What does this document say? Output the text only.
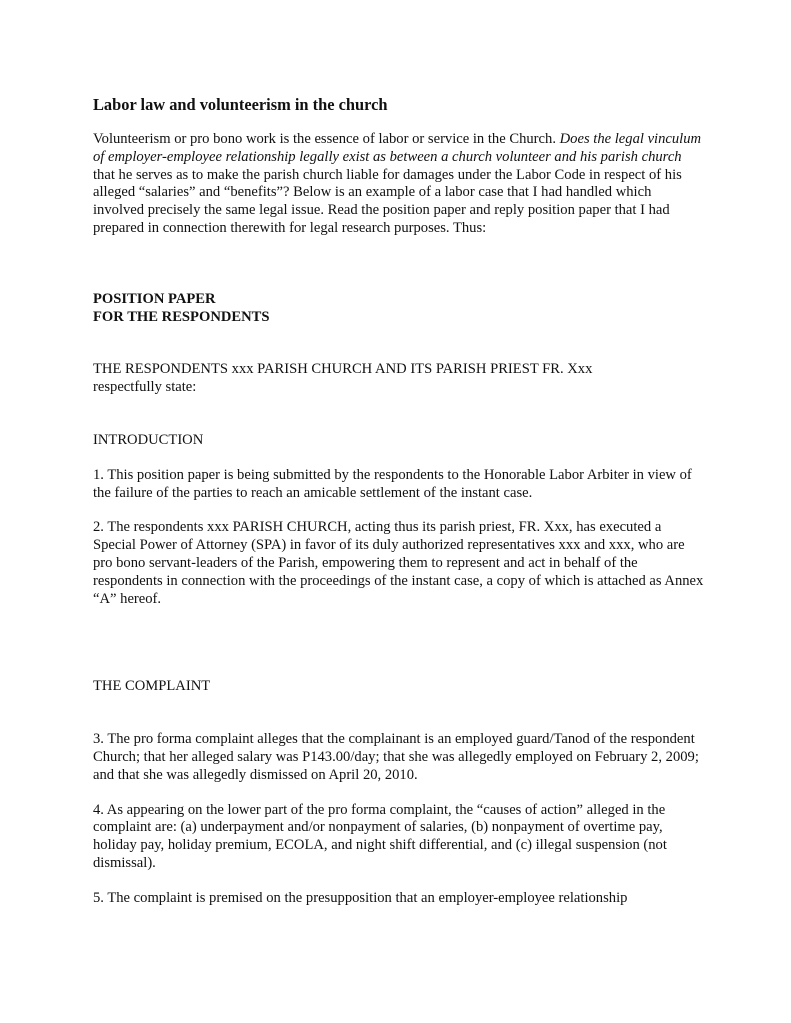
Labor law and volunteerism in the church

Volunteerism or pro bono work is the essence of labor or service in the Church. Does the legal vinculum of employer-employee relationship legally exist as between a church volunteer and his parish church that he serves as to make the parish church liable for damages under the Labor Code in respect of his alleged “salaries” and “benefits”? Below is an example of a labor case that I had handled which involved precisely the same legal issue. Read the position paper and reply position paper that I had prepared in connection therewith for legal research purposes. Thus:

POSITION PAPER
FOR THE RESPONDENTS

THE RESPONDENTS xxx PARISH CHURCH AND ITS PARISH PRIEST FR. Xxx
respectfully state:

INTRODUCTION

1. This position paper is being submitted by the respondents to the Honorable Labor Arbiter in view of the failure of the parties to reach an amicable settlement of the instant case.

2. The respondents xxx PARISH CHURCH, acting thus its parish priest, FR. Xxx, has executed a Special Power of Attorney (SPA) in favor of its duly authorized representatives xxx and xxx, who are pro bono servant-leaders of the Parish, empowering them to represent and act in behalf of the respondents in connection with the proceedings of the instant case, a copy of which is attached as Annex “A” hereof.

THE COMPLAINT

3. The pro forma complaint alleges that the complainant is an employed guard/Tanod of the respondent Church; that her alleged salary was P143.00/day; that she was allegedly employed on February 2, 2009; and that she was allegedly dismissed on April 20, 2010.

4. As appearing on the lower part of the pro forma complaint, the “causes of action” alleged in the complaint are: (a) underpayment and/or nonpayment of salaries, (b) nonpayment of overtime pay, holiday pay, holiday premium, ECOLA, and night shift differential, and (c) illegal suspension (not dismissal).

5. The complaint is premised on the presupposition that an employer-employee relationship
